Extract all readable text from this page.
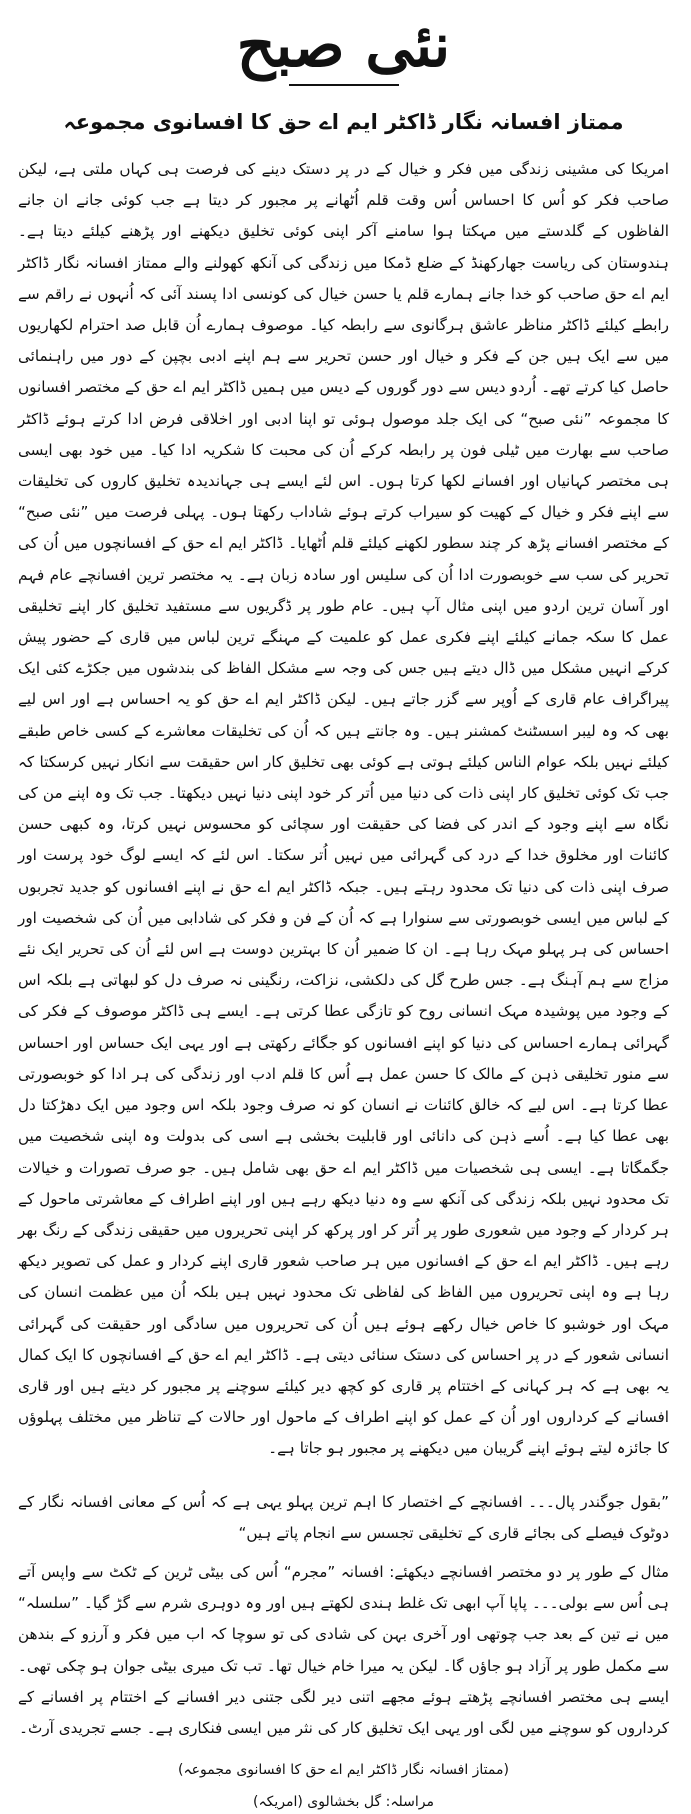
نئی صبح
ممتاز افسانہ نگار ڈاکٹر ایم اے حق کا افسانوی مجموعہ

امریکا کی مشینی زندگی میں فکر و خیال کے در پر دستک دینے کی فرصت ہی کہاں ملتی ہے، لیکن صاحب فکر کو اُس کا احساس اُس وقت قلم اُٹھانے پر مجبور کر دیتا ہے جب کوئی جانے ان جانے الفاظوں کے گلدستے میں مہکتا ہوا سامنے آکر اپنی کوئی تخلیق دیکھنے اور پڑھنے کیلئے دیتا ہے۔ ہندوستان کی ریاست جھارکھنڈ کے ضلع ڈمکا میں زندگی کی آنکھ کھولنے والے ممتاز افسانہ نگار ڈاکٹر ایم اے حق صاحب کو خدا جانے ہمارے قلم یا حسن خیال کی کونسی ادا پسند آئی کہ اُنہوں نے راقم سے رابطے کیلئے ڈاکٹر مناظر عاشق ہرگانوی سے رابطہ کیا۔ موصوف ہمارے اُن قابل صد احترام لکھاریوں میں سے ایک ہیں جن کے فکر و خیال اور حسن تحریر سے ہم اپنے ادبی بچپن کے دور میں راہنمائی حاصل کیا کرتے تھے۔ اُردو دیس سے دور گوروں کے دیس میں ہمیں ڈاکٹر ایم اے حق کے مختصر افسانوں کا مجموعہ ”نئی صبح“ کی ایک جلد موصول ہوئی تو اپنا ادبی اور اخلاقی فرض ادا کرتے ہوئے ڈاکٹر صاحب سے بھارت میں ٹیلی فون پر رابطہ کرکے اُن کی محبت کا شکریہ ادا کیا۔ میں خود بھی ایسی ہی مختصر کہانیاں اور افسانے لکھا کرتا ہوں۔ اس لئے ایسے ہی جہاندیدہ تخلیق کاروں کی تخلیقات سے اپنے فکر و خیال کے کھیت کو سیراب کرتے ہوئے شاداب رکھتا ہوں۔ پہلی فرصت میں ”نئی صبح“ کے مختصر افسانے پڑھ کر چند سطور لکھنے کیلئے قلم اُٹھایا۔ ڈاکٹر ایم اے حق کے افسانچوں میں اُن کی تحریر کی سب سے خوبصورت ادا اُن کی سلیس اور سادہ زبان ہے۔ یہ مختصر ترین افسانچے عام فہم اور آسان ترین اردو میں اپنی مثال آپ ہیں۔ عام طور پر ڈگریوں سے مستفید تخلیق کار اپنے تخلیقی عمل کا سکہ جمانے کیلئے اپنے فکری عمل کو علمیت کے مہنگے ترین لباس میں قاری کے حضور پیش کرکے انہیں مشکل میں ڈال دیتے ہیں جس کی وجہ سے مشکل الفاظ کی بندشوں میں جکڑے کئی ایک پیراگراف عام قاری کے اُوپر سے گزر جاتے ہیں۔ لیکن ڈاکٹر ایم اے حق کو یہ احساس ہے اور اس لیے بھی کہ وہ لیبر اسسٹنٹ کمشنر ہیں۔ وہ جانتے ہیں کہ اُن کی تخلیقات معاشرے کے کسی خاص طبقے کیلئے نہیں بلکہ عوام الناس کیلئے ہوتی ہے کوئی بھی تخلیق کار اس حقیقت سے انکار نہیں کرسکتا کہ جب تک کوئی تخلیق کار اپنی ذات کی دنیا میں اُتر کر خود اپنی دنیا نہیں دیکھتا۔ جب تک وہ اپنے من کی نگاہ سے اپنے وجود کے اندر کی فضا کی حقیقت اور سچائی کو محسوس نہیں کرتا، وہ کبھی حسن کائنات اور مخلوق خدا کے درد کی گہرائی میں نہیں اُتر سکتا۔ اس لئے کہ ایسے لوگ خود پرست اور صرف اپنی ذات کی دنیا تک محدود رہتے ہیں۔ جبکہ ڈاکٹر ایم اے حق نے اپنے افسانوں کو جدید تجربوں کے لباس میں ایسی خوبصورتی سے سنوارا ہے کہ اُن کے فن و فکر کی شادابی میں اُن کی شخصیت اور احساس کی ہر پہلو مہک رہا ہے۔ ان کا ضمیر اُن کا بہترین دوست ہے اس لئے اُن کی تحریر ایک نئے مزاج سے ہم آہنگ ہے۔ جس طرح گل کی دلکشی، نزاکت، رنگینی نہ صرف دل کو لبھاتی ہے بلکہ اس کے وجود میں پوشیدہ مہک انسانی روح کو تازگی عطا کرتی ہے۔ ایسے ہی ڈاکٹر موصوف کے فکر کی گہرائی ہمارے احساس کی دنیا کو اپنے افسانوں کو جگائے رکھتی ہے اور یہی ایک حساس اور احساس سے منور تخلیقی ذہن کے مالک کا حسن عمل ہے اُس کا قلم ادب اور زندگی کی ہر ادا کو خوبصورتی عطا کرتا ہے۔ اس لیے کہ خالق کائنات نے انسان کو نہ صرف وجود بلکہ اس وجود میں ایک دھڑکتا دل بھی عطا کیا ہے۔ اُسے ذہن کی دانائی اور قابلیت بخشی ہے اسی کی بدولت وہ اپنی شخصیت میں جگمگاتا ہے۔ ایسی ہی شخصیات میں ڈاکٹر ایم اے حق بھی شامل ہیں۔ جو صرف تصورات و خیالات تک محدود نہیں بلکہ زندگی کی آنکھ سے وہ دنیا دیکھ رہے ہیں اور اپنے اطراف کے معاشرتی ماحول کے ہر کردار کے وجود میں شعوری طور پر اُتر کر اور پرکھ کر اپنی تحریروں میں حقیقی زندگی کے رنگ بھر رہے ہیں۔ ڈاکٹر ایم اے حق کے افسانوں میں ہر صاحب شعور قاری اپنے کردار و عمل کی تصویر دیکھ رہا ہے وہ اپنی تحریروں میں الفاظ کی لفاظی تک محدود نہیں ہیں بلکہ اُن میں عظمت انسان کی مہک اور خوشبو کا خاص خیال رکھے ہوئے ہیں اُن کی تحریروں میں سادگی اور حقیقت کی گہرائی انسانی شعور کے در پر احساس کی دستک سنائی دیتی ہے۔ ڈاکٹر ایم اے حق کے افسانچوں کا ایک کمال یہ بھی ہے کہ ہر کہانی کے اختتام پر قاری کو کچھ دیر کیلئے سوچنے پر مجبور کر دیتے ہیں اور قاری افسانے کے کرداروں اور اُن کے عمل کو اپنے اطراف کے ماحول اور حالات کے تناظر میں مختلف پہلوؤں کا جائزہ لیتے ہوئے اپنے گریبان میں دیکھنے پر مجبور ہو جاتا ہے۔

”بقول جوگندر پال۔۔۔ افسانچے کے اختصار کا اہم ترین پہلو یہی ہے کہ اُس کے معانی افسانہ نگار کے دوٹوک فیصلے کی بجائے قاری کے تخلیقی تجسس سے انجام پاتے ہیں“

مثال کے طور پر دو مختصر افسانچے دیکھئے: افسانہ ”مجرم“ اُس کی بیٹی ٹرین کے ٹکٹ سے واپس آتے ہی اُس سے بولی۔۔۔ پاپا آپ ابھی تک غلط ہندی لکھتے ہیں اور وہ دوہری شرم سے گڑ گیا۔ ”سلسلہ“ میں نے تین کے بعد جب چوتھی اور آخری بہن کی شادی کی تو سوچا کہ اب میں فکر و آرزو کے بندھن سے مکمل طور پر آزاد ہو جاؤں گا۔ لیکن یہ میرا خام خیال تھا۔ تب تک میری بیٹی جوان ہو چکی تھی۔ ایسے ہی مختصر افسانچے پڑھتے ہوئے مجھے اتنی دیر لگی جتنی دیر افسانے کے اختتام پر افسانے کے کرداروں کو سوچنے میں لگی اور یہی ایک تخلیق کار کی نثر میں ایسی فنکاری ہے۔ جسے تجریدی آرٹ۔

(ممتاز افسانہ نگار ڈاکٹر ایم اے حق کا افسانوی مجموعہ)
مراسلہ: گل بخشالوی (امریکہ)
